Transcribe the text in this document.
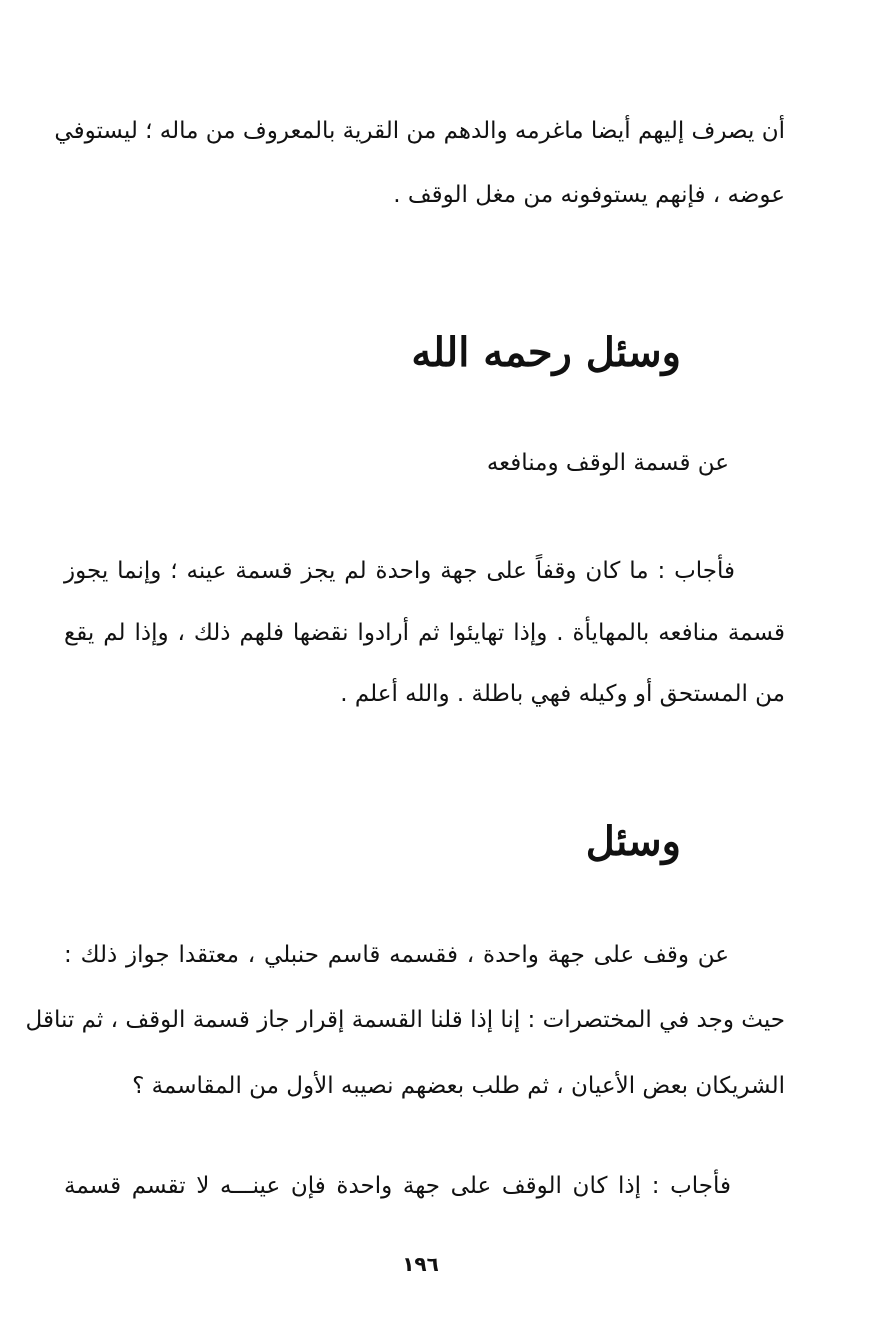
أن يصرف إليهم أيضا ماغرمه والدهم من القرية بالمعروف من ماله ؛ ليستوفي
عوضه ، فإنهم يستوفونه من مغل الوقف .
وسئل رحمه الله
عن قسمة الوقف ومنافعه
فأجاب : ما كان وقفاً على جهة واحدة لم يجز قسمة عينه ؛ وإنما يجوز
قسمة منافعه بالمهايأة . وإذا تهايئوا ثم أرادوا نقضها فلهم ذلك ، وإذا لم يقع
من المستحق أو وكيله فهي باطلة . والله أعلم .
وسئل
عن وقف على جهة واحدة ، فقسمه قاسم حنبلي ، معتقدا جواز ذلك :
حيث وجد في المختصرات : إنا إذا قلنا القسمة إقرار جاز قسمة الوقف ، ثم تناقل
الشريكان بعض الأعيان ، ثم طلب بعضهم نصيبه الأول من المقاسمة ؟
فأجاب : إذا كان الوقف على جهة واحدة فإن عينـــه لا تقسم قسمة
١٩٦
